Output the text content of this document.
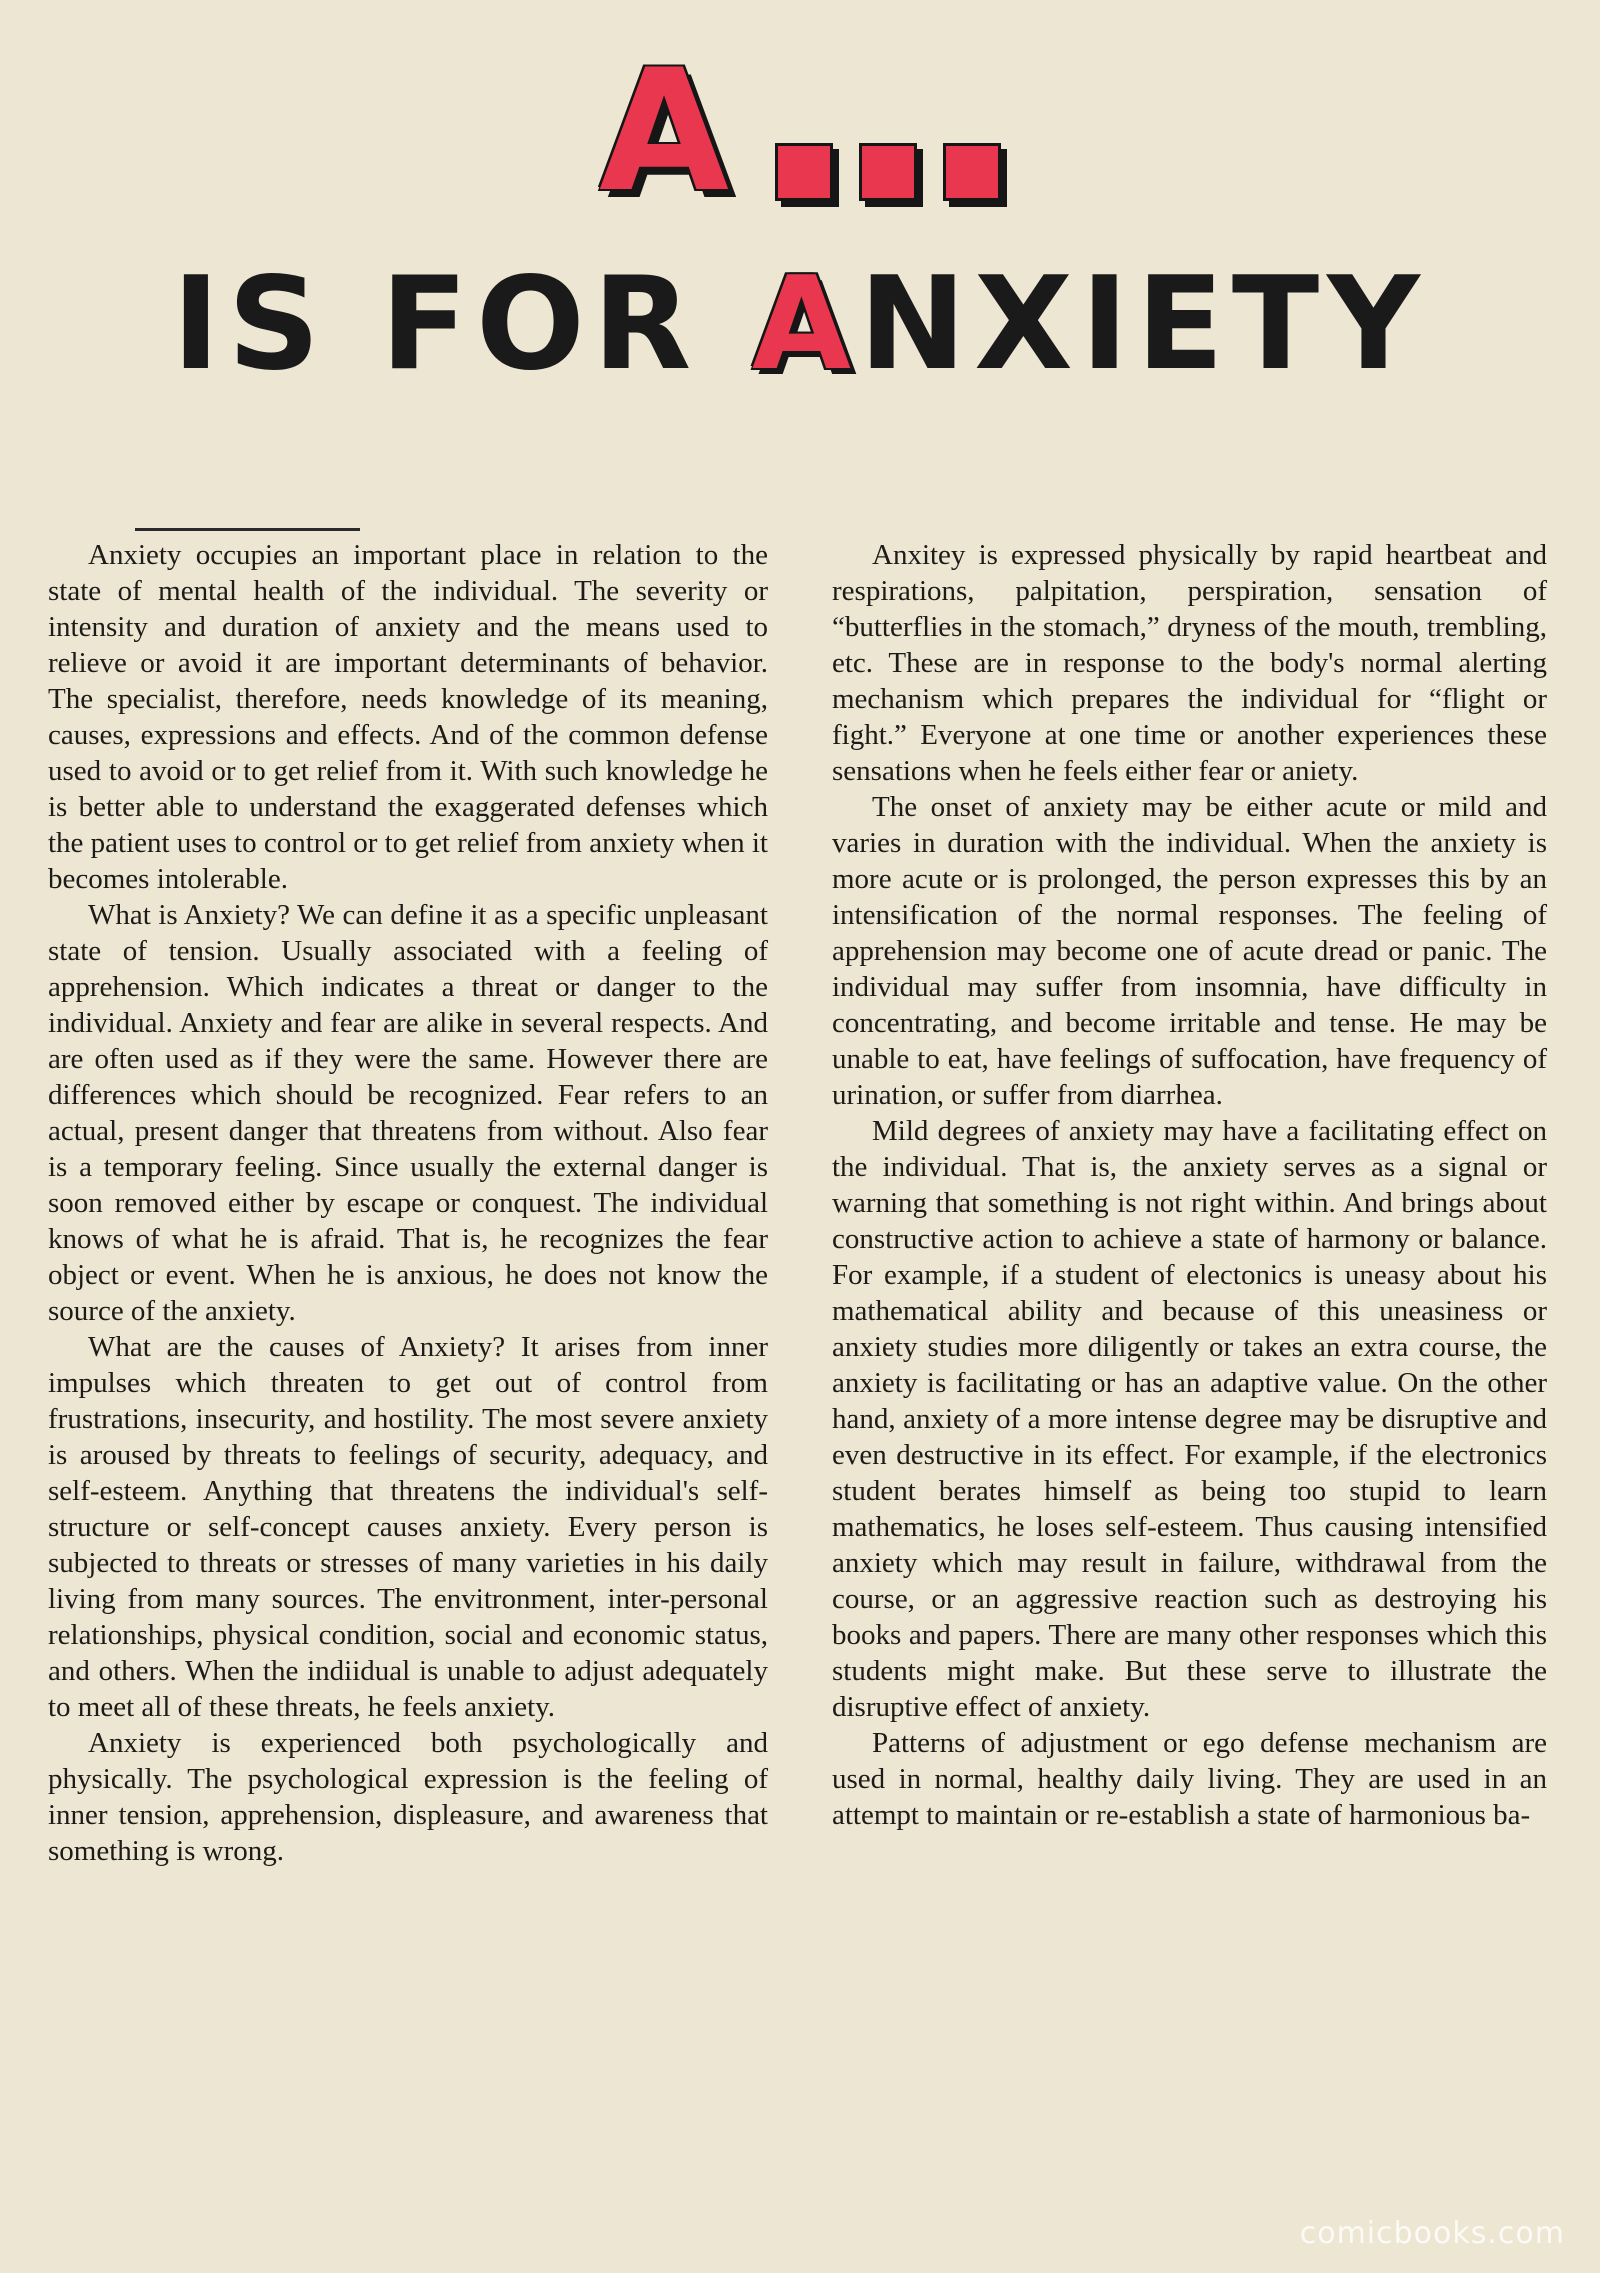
A
IS FOR ANXIETY

Anxiety occupies an important place in relation to the state of mental health of the individual. The severity or intensity and duration of anxiety and the means used to relieve or avoid it are important determinants of behavior. The specialist, therefore, needs knowledge of its meaning, causes, expressions and effects. And of the common defense used to avoid or to get relief from it. With such knowledge he is better able to understand the exaggerated defenses which the patient uses to control or to get relief from anxiety when it becomes intolerable.

What is Anxiety? We can define it as a specific unpleasant state of tension. Usually associated with a feeling of apprehension. Which indicates a threat or danger to the individual. Anxiety and fear are alike in several respects. And are often used as if they were the same. However there are differences which should be recognized. Fear refers to an actual, present danger that threatens from without. Also fear is a temporary feeling. Since usually the external danger is soon removed either by escape or conquest. The individual knows of what he is afraid. That is, he recognizes the fear object or event. When he is anxious, he does not know the source of the anxiety.

What are the causes of Anxiety? It arises from inner impulses which threaten to get out of control from frustrations, insecurity, and hostility. The most severe anxiety is aroused by threats to feelings of security, adequacy, and self-esteem. Anything that threatens the individual's self-structure or self-concept causes anxiety. Every person is subjected to threats or stresses of many varieties in his daily living from many sources. The envitronment, inter-personal relationships, physical condition, social and economic status, and others. When the indiidual is unable to adjust adequately to meet all of these threats, he feels anxiety.

Anxiety is experienced both psychologically and physically. The psychological expression is the feeling of inner tension, apprehension, displeasure, and awareness that something is wrong.

Anxitey is expressed physically by rapid heartbeat and respirations, palpitation, perspiration, sensation of “butterflies in the stomach,” dryness of the mouth, trembling, etc. These are in response to the body's normal alerting mechanism which prepares the individual for “flight or fight.” Everyone at one time or another experiences these sensations when he feels either fear or aniety.

The onset of anxiety may be either acute or mild and varies in duration with the individual. When the anxiety is more acute or is prolonged, the person expresses this by an intensification of the normal responses. The feeling of apprehension may become one of acute dread or panic. The individual may suffer from insomnia, have difficulty in concentrating, and become irritable and tense. He may be unable to eat, have feelings of suffocation, have frequency of urination, or suffer from diarrhea.

Mild degrees of anxiety may have a facilitating effect on the individual. That is, the anxiety serves as a signal or warning that something is not right within. And brings about constructive action to achieve a state of harmony or balance. For example, if a student of electonics is uneasy about his mathematical ability and because of this uneasiness or anxiety studies more diligently or takes an extra course, the anxiety is facilitating or has an adaptive value. On the other hand, anxiety of a more intense degree may be disruptive and even destructive in its effect. For example, if the electronics student berates himself as being too stupid to learn mathematics, he loses self-esteem. Thus causing intensified anxiety which may result in failure, withdrawal from the course, or an aggressive reaction such as destroying his books and papers. There are many other responses which this students might make. But these serve to illustrate the disruptive effect of anxiety.

Patterns of adjustment or ego defense mechanism are used in normal, healthy daily living. They are used in an attempt to maintain or re-establish a state of harmonious ba-

comicbooks.com
